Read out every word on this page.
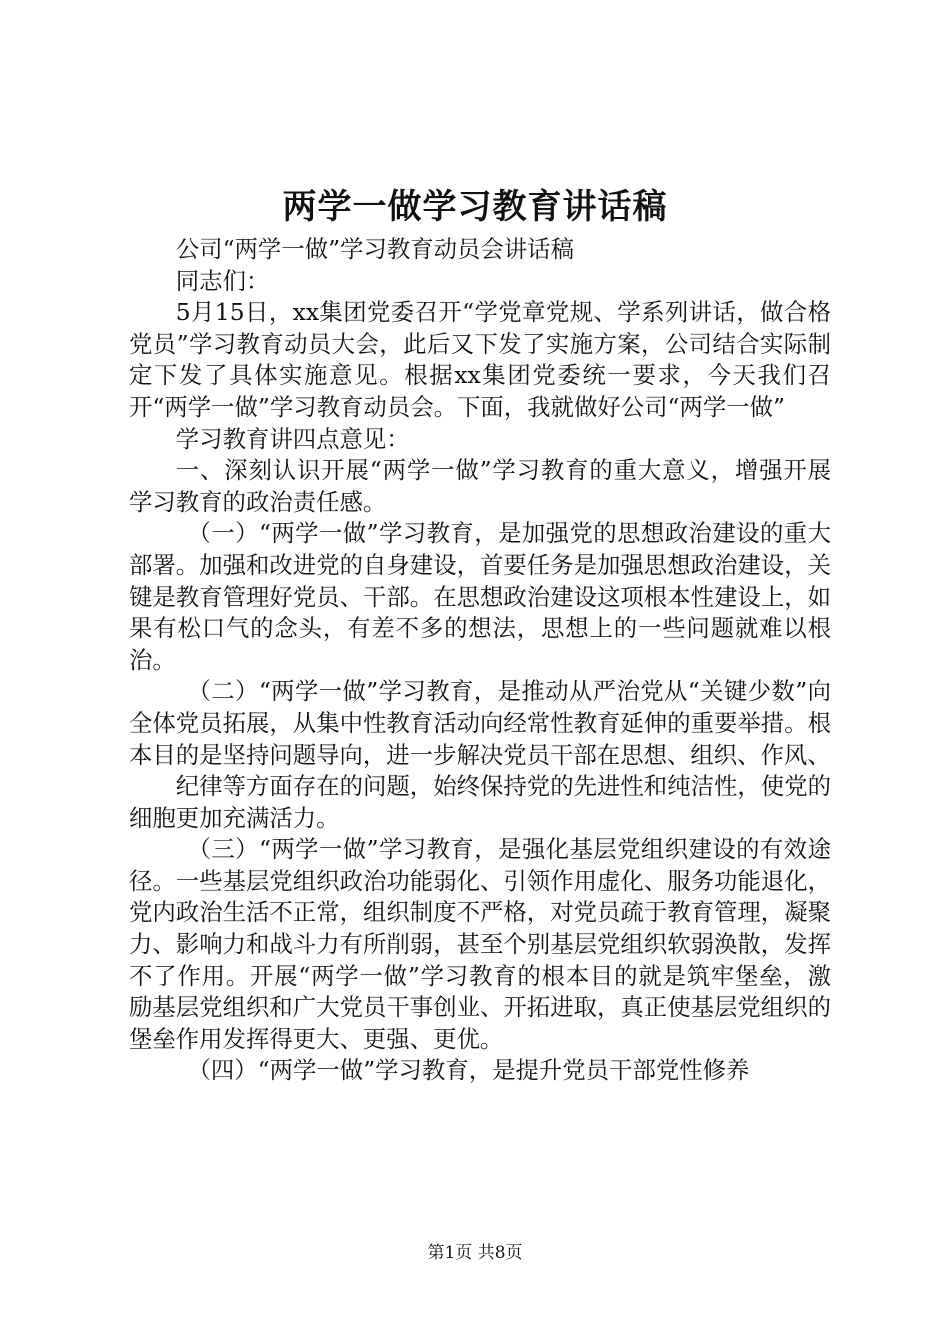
两学一做学习教育讲话稿

公司“两学一做”学习教育动员会讲话稿

同志们：

5月15日，xx集团党委召开“学党章党规、学系列讲话，做合格党员”学习教育动员大会，此后又下发了实施方案，公司结合实际制定下发了具体实施意见。根据xx集团党委统一要求，今天我们召开“两学一做”学习教育动员会。下面，我就做好公司“两学一做”

学习教育讲四点意见：

一、深刻认识开展“两学一做”学习教育的重大意义，增强开展学习教育的政治责任感。

（一）“两学一做”学习教育，是加强党的思想政治建设的重大部署。加强和改进党的自身建设，首要任务是加强思想政治建设，关键是教育管理好党员、干部。在思想政治建设这项根本性建设上，如果有松口气的念头，有差不多的想法，思想上的一些问题就难以根治。

（二）“两学一做”学习教育，是推动从严治党从“关键少数”向全体党员拓展，从集中性教育活动向经常性教育延伸的重要举措。根本目的是坚持问题导向，进一步解决党员干部在思想、组织、作风、

纪律等方面存在的问题，始终保持党的先进性和纯洁性，使党的细胞更加充满活力。

（三）“两学一做”学习教育，是强化基层党组织建设的有效途径。一些基层党组织政治功能弱化、引领作用虚化、服务功能退化，党内政治生活不正常，组织制度不严格，对党员疏于教育管理，凝聚力、影响力和战斗力有所削弱，甚至个别基层党组织软弱涣散，发挥不了作用。开展“两学一做”学习教育的根本目的就是筑牢堡垒，激励基层党组织和广大党员干事创业、开拓进取，真正使基层党组织的堡垒作用发挥得更大、更强、更优。

（四）“两学一做”学习教育，是提升党员干部党性修养

第1页 共8页
